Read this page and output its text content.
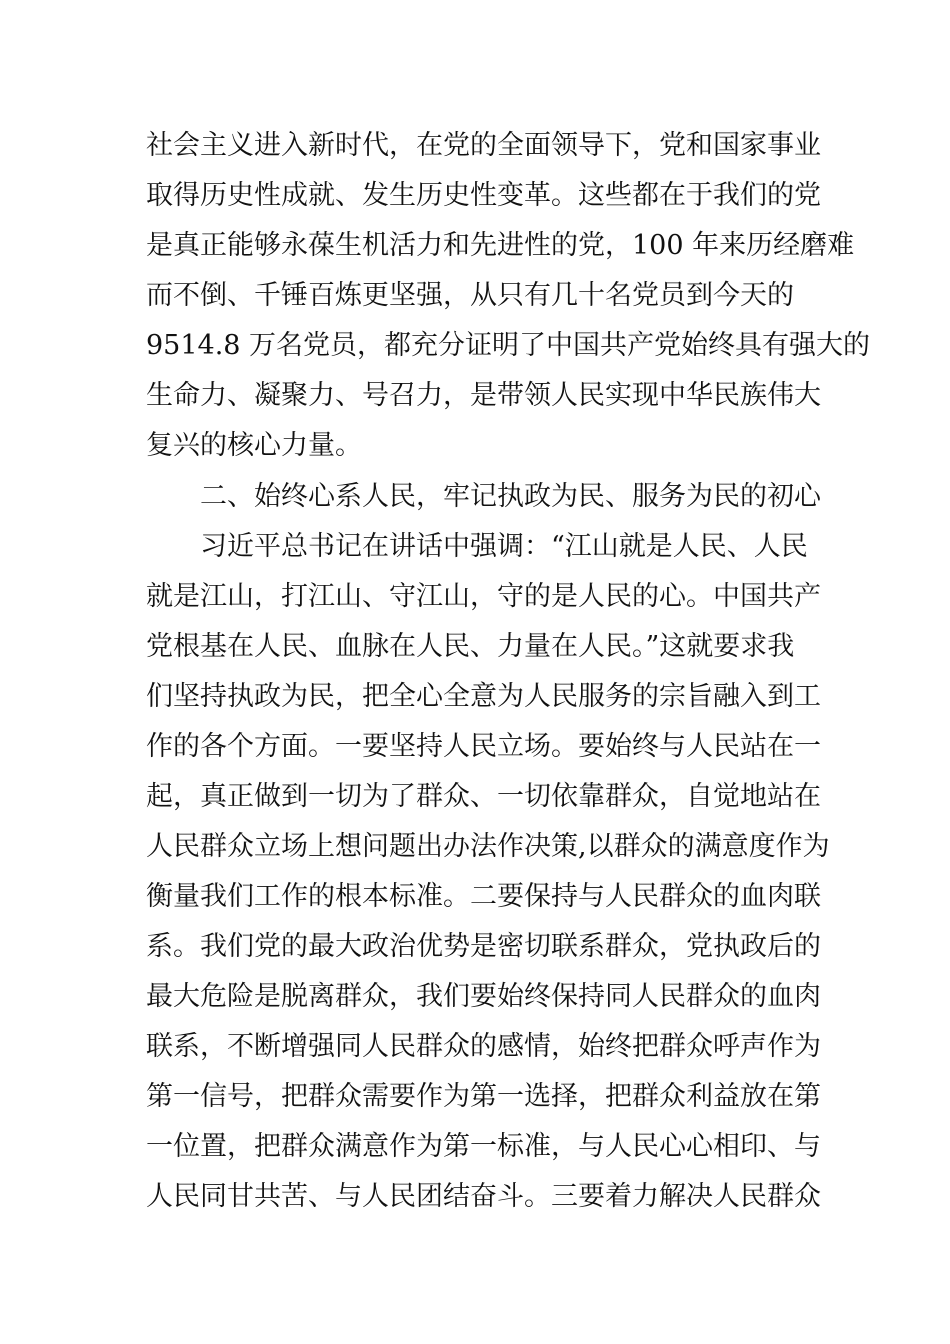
社会主义进入新时代，在党的全面领导下，党和国家事业
取得历史性成就、发生历史性变革。这些都在于我们的党
是真正能够永葆生机活力和先进性的党，100 年来历经磨难
而不倒、千锤百炼更坚强，从只有几十名党员到今天的
9514.8 万名党员，都充分证明了中国共产党始终具有强大的
生命力、凝聚力、号召力，是带领人民实现中华民族伟大
复兴的核心力量。
二、始终心系人民，牢记执政为民、服务为民的初心
习近平总书记在讲话中强调：“江山就是人民、人民
就是江山，打江山、守江山，守的是人民的心。中国共产
党根基在人民、血脉在人民、力量在人民。”这就要求我
们坚持执政为民，把全心全意为人民服务的宗旨融入到工
作的各个方面。一要坚持人民立场。要始终与人民站在一
起，真正做到一切为了群众、一切依靠群众，自觉地站在
人民群众立场上想问题出办法作决策,以群众的满意度作为
衡量我们工作的根本标准。二要保持与人民群众的血肉联
系。我们党的最大政治优势是密切联系群众，党执政后的
最大危险是脱离群众，我们要始终保持同人民群众的血肉
联系，不断增强同人民群众的感情，始终把群众呼声作为
第一信号，把群众需要作为第一选择，把群众利益放在第
一位置，把群众满意作为第一标准，与人民心心相印、与
人民同甘共苦、与人民团结奋斗。三要着力解决人民群众
